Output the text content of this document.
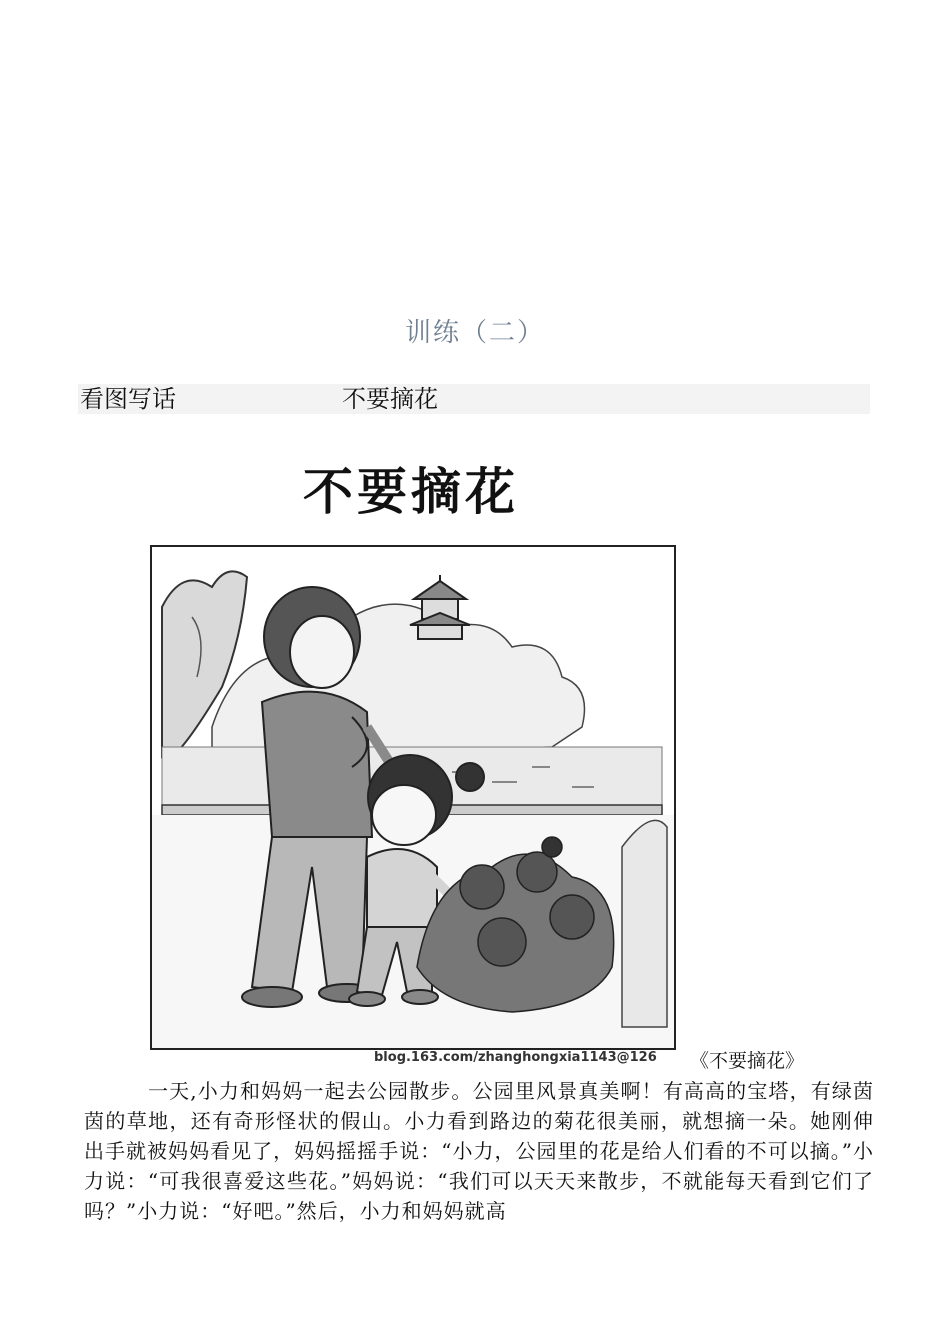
训练（二）
看图写话	不要摘花
不要摘花
blog.163.com/zhanghongxia1143@126 《不要摘花》
一天,小力和妈妈一起去公园散步。公园里风景真美啊！有高高的宝塔，有绿茵茵的草地，还有奇形怪状的假山。小力看到路边的菊花很美丽，就想摘一朵。她刚伸出手就被妈妈看见了，妈妈摇摇手说：“小力，公园里的花是给人们看的不可以摘。”小力说：“可我很喜爱这些花。”妈妈说：“我们可以天天来散步，不就能每天看到它们了吗？”小力说：“好吧。”然后，小力和妈妈就高
